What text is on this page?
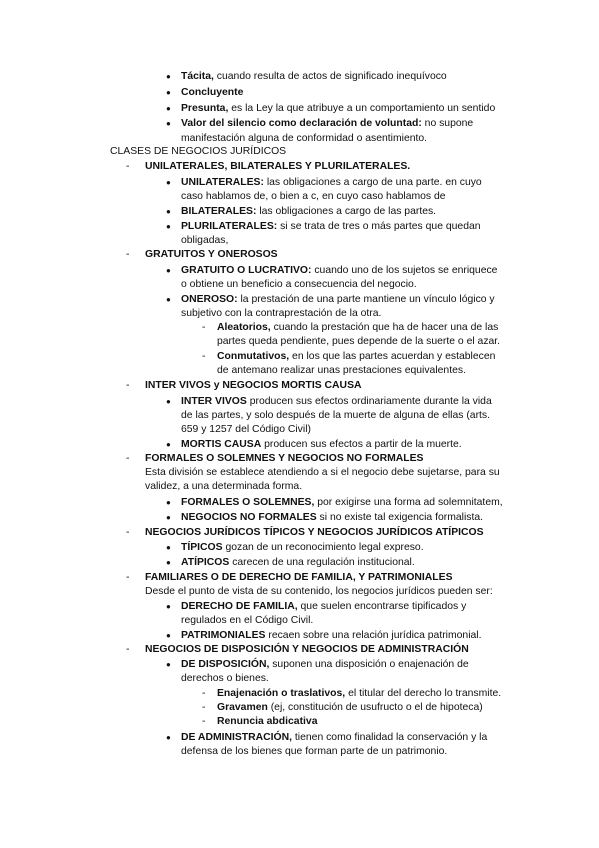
● Tácita, cuando resulta de actos de significado inequívoco
● Concluyente
● Presunta, es la Ley la que atribuye a un comportamiento un sentido
● Valor del silencio como declaración de voluntad: no supone
manifestación alguna de conformidad o asentimiento.
CLASES DE NEGOCIOS JURÍDICOS
- UNILATERALES, BILATERALES Y PLURILATERALES.
● UNILATERALES: las obligaciones a cargo de una parte. en cuyo
caso hablamos de, o bien a c, en cuyo caso hablamos de
● BILATERALES: las obligaciones a cargo de las partes.
● PLURILATERALES: si se trata de tres o más partes que quedan
obligadas,
- GRATUITOS Y ONEROSOS
● GRATUITO O LUCRATIVO: cuando uno de los sujetos se enriquece
o obtiene un beneficio a consecuencia del negocio.
● ONEROSO: la prestación de una parte mantiene un vínculo lógico y
subjetivo con la contraprestación de la otra.
- Aleatorios, cuando la prestación que ha de hacer una de las
partes queda pendiente, pues depende de la suerte o el azar.
- Conmutativos, en los que las partes acuerdan y establecen
de antemano realizar unas prestaciones equivalentes.
- INTER VIVOS y NEGOCIOS MORTIS CAUSA
● INTER VIVOS producen sus efectos ordinariamente durante la vida
de las partes, y solo después de la muerte de alguna de ellas (arts.
659 y 1257 del Código Civil)
● MORTIS CAUSA producen sus efectos a partir de la muerte.
- FORMALES O SOLEMNES Y NEGOCIOS NO FORMALES
Esta división se establece atendiendo a si el negocio debe sujetarse, para su
validez, a una determinada forma.
● FORMALES O SOLEMNES, por exigirse una forma ad solemnitatem,
● NEGOCIOS NO FORMALES si no existe tal exigencia formalista.
- NEGOCIOS JURÍDICOS TÍPICOS Y NEGOCIOS JURÍDICOS ATÍPICOS
● TÍPICOS gozan de un reconocimiento legal expreso.
● ATÍPICOS carecen de una regulación institucional.
- FAMILIARES O DE DERECHO DE FAMILIA, Y PATRIMONIALES
Desde el punto de vista de su contenido, los negocios jurídicos pueden ser:
● DERECHO DE FAMILIA, que suelen encontrarse tipificados y
regulados en el Código Civil.
● PATRIMONIALES recaen sobre una relación jurídica patrimonial.
- NEGOCIOS DE DISPOSICIÓN Y NEGOCIOS DE ADMINISTRACIÓN
● DE DISPOSICIÓN, suponen una disposición o enajenación de
derechos o bienes.
- Enajenación o traslativos, el titular del derecho lo transmite.
- Gravamen (ej, constitución de usufructo o el de hipoteca)
- Renuncia abdicativa
● DE ADMINISTRACIÓN, tienen como finalidad la conservación y la
defensa de los bienes que forman parte de un patrimonio.
